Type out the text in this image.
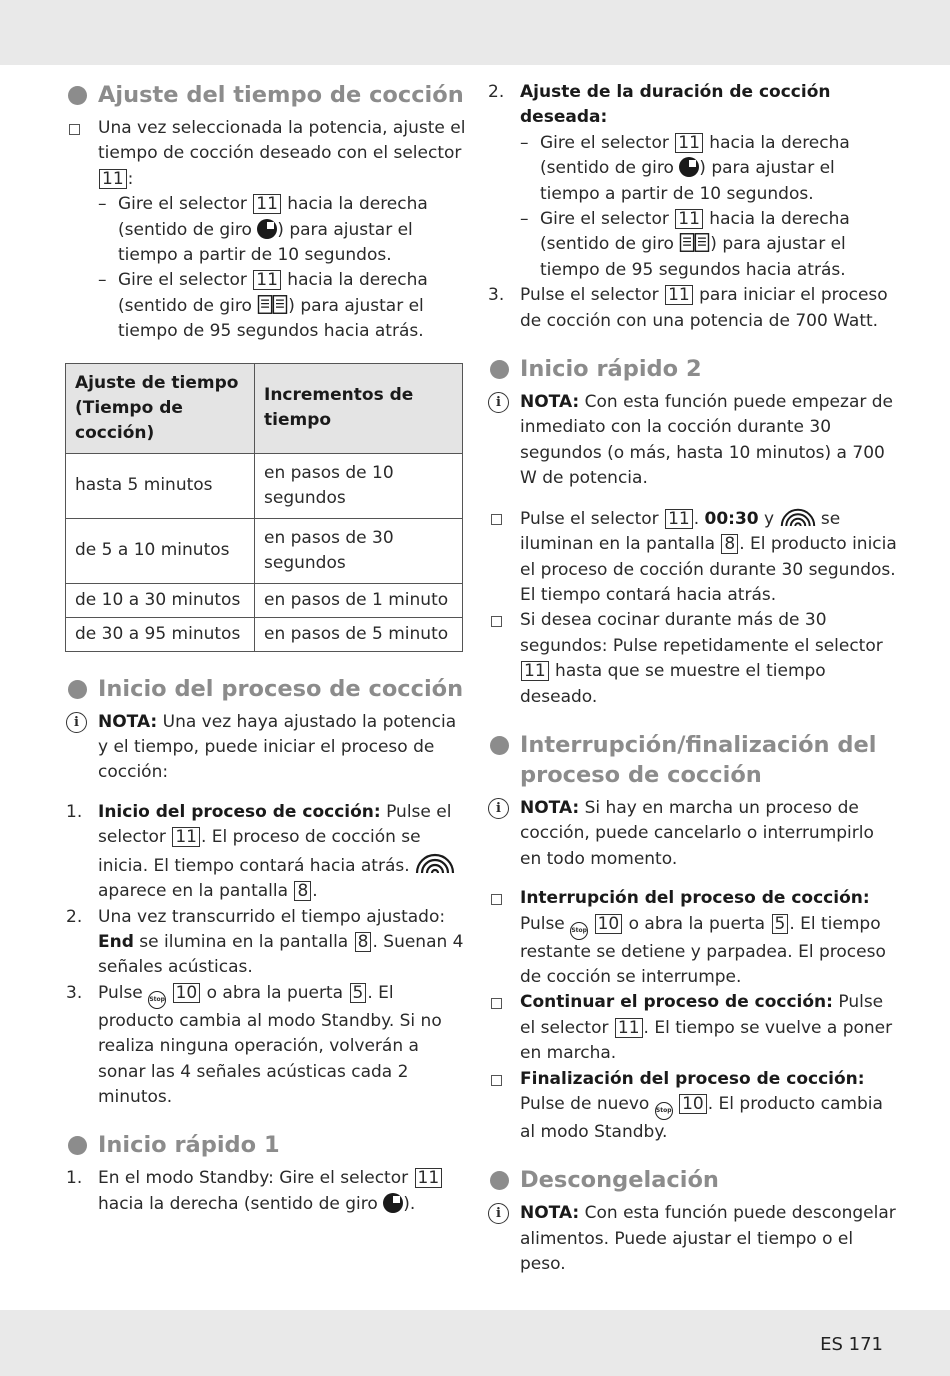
Ajuste del tiempo de cocción
Una vez seleccionada la potencia, ajuste el tiempo de cocción deseado con el selector 11 :
– Gire el selector 11 hacia la derecha (sentido de giro ) para ajustar el tiempo a partir de 10 segundos.
– Gire el selector 11 hacia la derecha (sentido de giro ) para ajustar el tiempo de 95 segundos hacia atrás.
Ajuste de tiempo (Tiempo de cocción)	Incrementos de tiempo
hasta 5 minutos	en pasos de 10 segundos
de 5 a 10 minutos	en pasos de 30 segundos
de 10 a 30 minutos	en pasos de 1 minuto
de 30 a 95 minutos	en pasos de 5 minuto
Inicio del proceso de cocción
i	NOTA: Una vez haya ajustado la potencia y el tiempo, puede iniciar el proceso de cocción:
1. Inicio del proceso de cocción: Pulse el selector 11 . El proceso de cocción se inicia. El tiempo contará hacia atrás.  aparece en la pantalla 8 .
2. Una vez transcurrido el tiempo ajustado: End se ilumina en la pantalla 8 . Suenan 4 señales acústicas.
3. Pulse Stop 10 o abra la puerta 5 . El producto cambia al modo Standby. Si no realiza ninguna operación, volverán a sonar las 4 señales acústicas cada 2 minutos.
Inicio rápido 1
1. En el modo Standby: Gire el selector 11 hacia la derecha (sentido de giro ).
2. Ajuste de la duración de cocción deseada:
– Gire el selector 11 hacia la derecha (sentido de giro ) para ajustar el tiempo a partir de 10 segundos.
– Gire el selector 11 hacia la derecha (sentido de giro ) para ajustar el tiempo de 95 segundos hacia atrás.
3. Pulse el selector 11 para iniciar el proceso de cocción con una potencia de 700 Watt.
Inicio rápido 2
i	NOTA: Con esta función puede empezar de inmediato con la cocción durante 30 segundos (o más, hasta 10 minutos) a 700 W de potencia.
Pulse el selector 11 . 00:30 y  se iluminan en la pantalla 8 . El producto inicia el proceso de cocción durante 30 segundos. El tiempo contará hacia atrás.
Si desea cocinar durante más de 30 segundos: Pulse repetidamente el selector 11 hasta que se muestre el tiempo deseado.
Interrupción/finalización del proceso de cocción
i	NOTA: Si hay en marcha un proceso de cocción, puede cancelarlo o interrumpirlo en todo momento.
Interrupción del proceso de cocción: Pulse Stop 10 o abra la puerta 5 . El tiempo restante se detiene y parpadea. El proceso de cocción se interrumpe.
Continuar el proceso de cocción: Pulse el selector 11 . El tiempo se vuelve a poner en marcha.
Finalización del proceso de cocción: Pulse de nuevo Stop 10 . El producto cambia al modo Standby.
Descongelación
i	NOTA: Con esta función puede descongelar alimentos. Puede ajustar el tiempo o el peso.
ES 171
